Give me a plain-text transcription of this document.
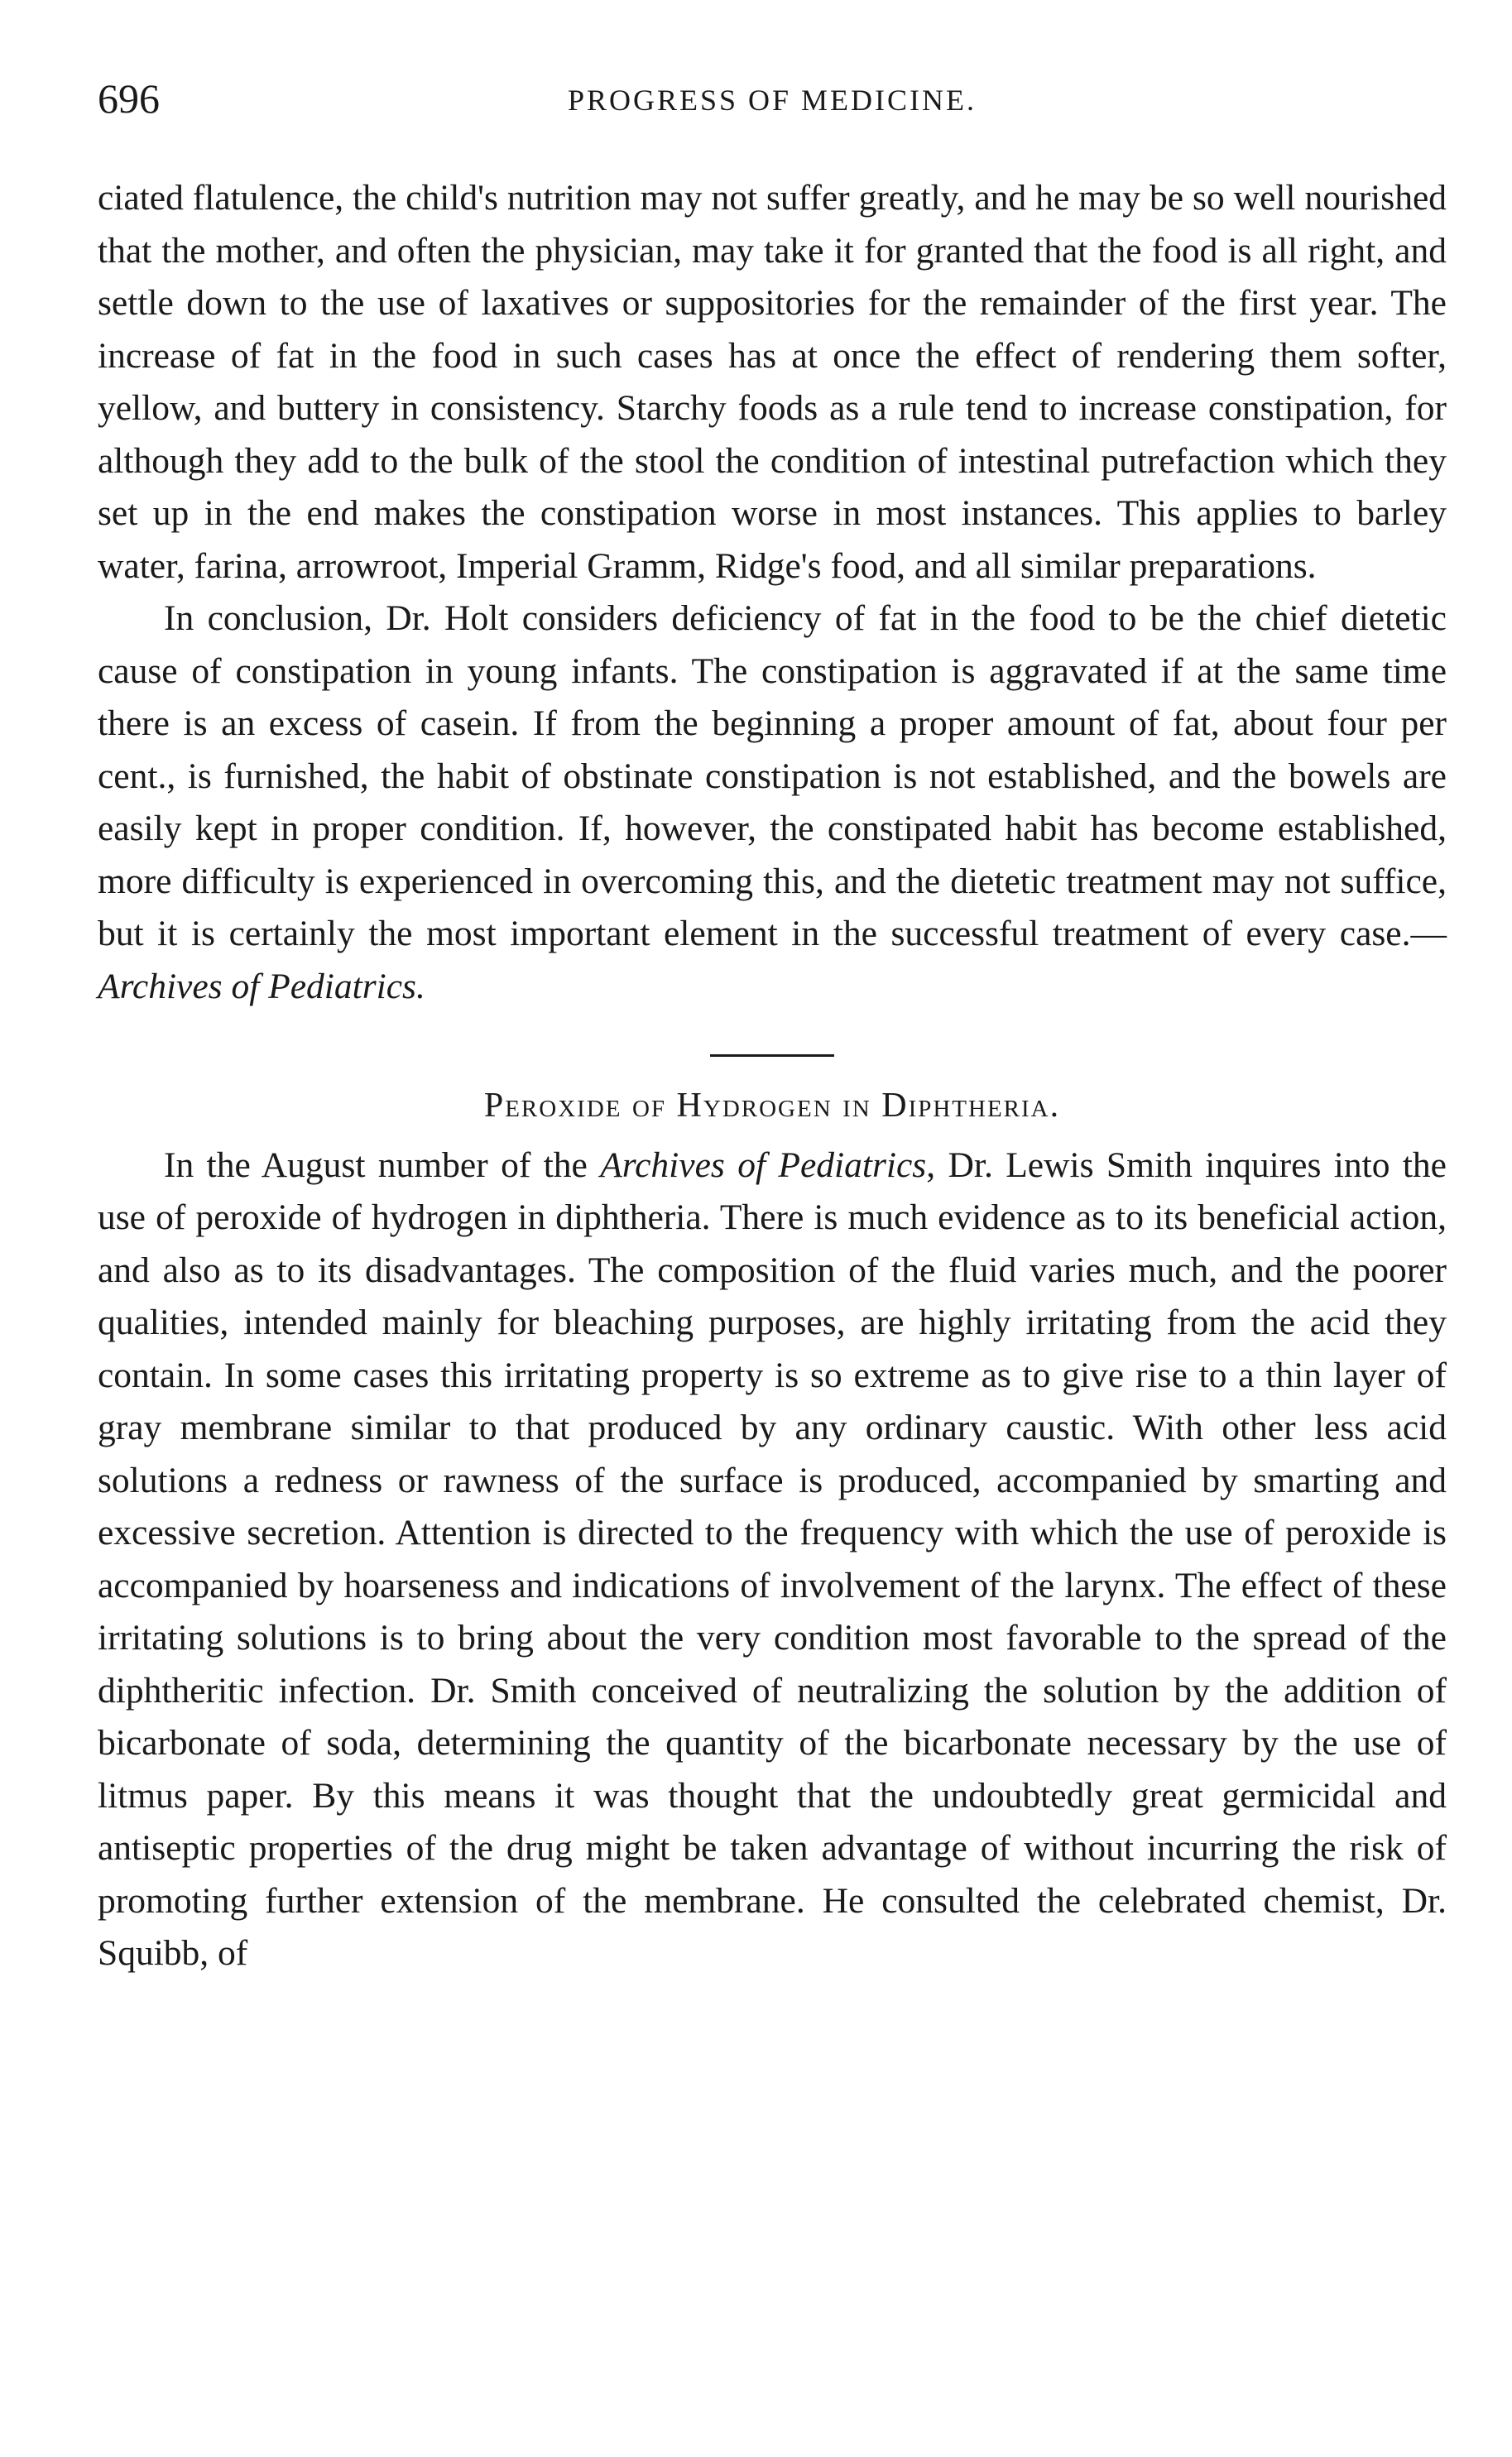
696	PROGRESS OF MEDICINE.

ciated flatulence, the child's nutrition may not suffer greatly, and he may be so well nourished that the mother, and often the physician, may take it for granted that the food is all right, and settle down to the use of laxatives or suppositories for the remainder of the first year. The increase of fat in the food in such cases has at once the effect of rendering them softer, yellow, and buttery in consistency. Starchy foods as a rule tend to increase constipation, for although they add to the bulk of the stool the condition of intestinal putrefaction which they set up in the end makes the constipation worse in most instances. This applies to barley water, farina, arrowroot, Imperial Gramm, Ridge's food, and all similar preparations.

In conclusion, Dr. Holt considers deficiency of fat in the food to be the chief dietetic cause of constipation in young infants. The constipation is aggravated if at the same time there is an excess of casein. If from the beginning a proper amount of fat, about four per cent., is furnished, the habit of obstinate constipation is not established, and the bowels are easily kept in proper condition. If, however, the constipated habit has become established, more difficulty is experienced in overcoming this, and the dietetic treatment may not suffice, but it is certainly the most important element in the successful treatment of every case.—Archives of Pediatrics.

Peroxide of Hydrogen in Diphtheria.

In the August number of the Archives of Pediatrics, Dr. Lewis Smith inquires into the use of peroxide of hydrogen in diphtheria. There is much evidence as to its beneficial action, and also as to its disadvantages. The composition of the fluid varies much, and the poorer qualities, intended mainly for bleaching purposes, are highly irritating from the acid they contain. In some cases this irritating property is so extreme as to give rise to a thin layer of gray membrane similar to that produced by any ordinary caustic. With other less acid solutions a redness or rawness of the surface is produced, accompanied by smarting and excessive secretion. Attention is directed to the frequency with which the use of peroxide is accompanied by hoarseness and indications of involvement of the larynx. The effect of these irritating solutions is to bring about the very condition most favorable to the spread of the diphtheritic infection. Dr. Smith conceived of neutralizing the solution by the addition of bicarbonate of soda, determining the quantity of the bicarbonate necessary by the use of litmus paper. By this means it was thought that the undoubtedly great germicidal and antiseptic properties of the drug might be taken advantage of without incurring the risk of promoting further extension of the membrane. He consulted the celebrated chemist, Dr. Squibb, of
